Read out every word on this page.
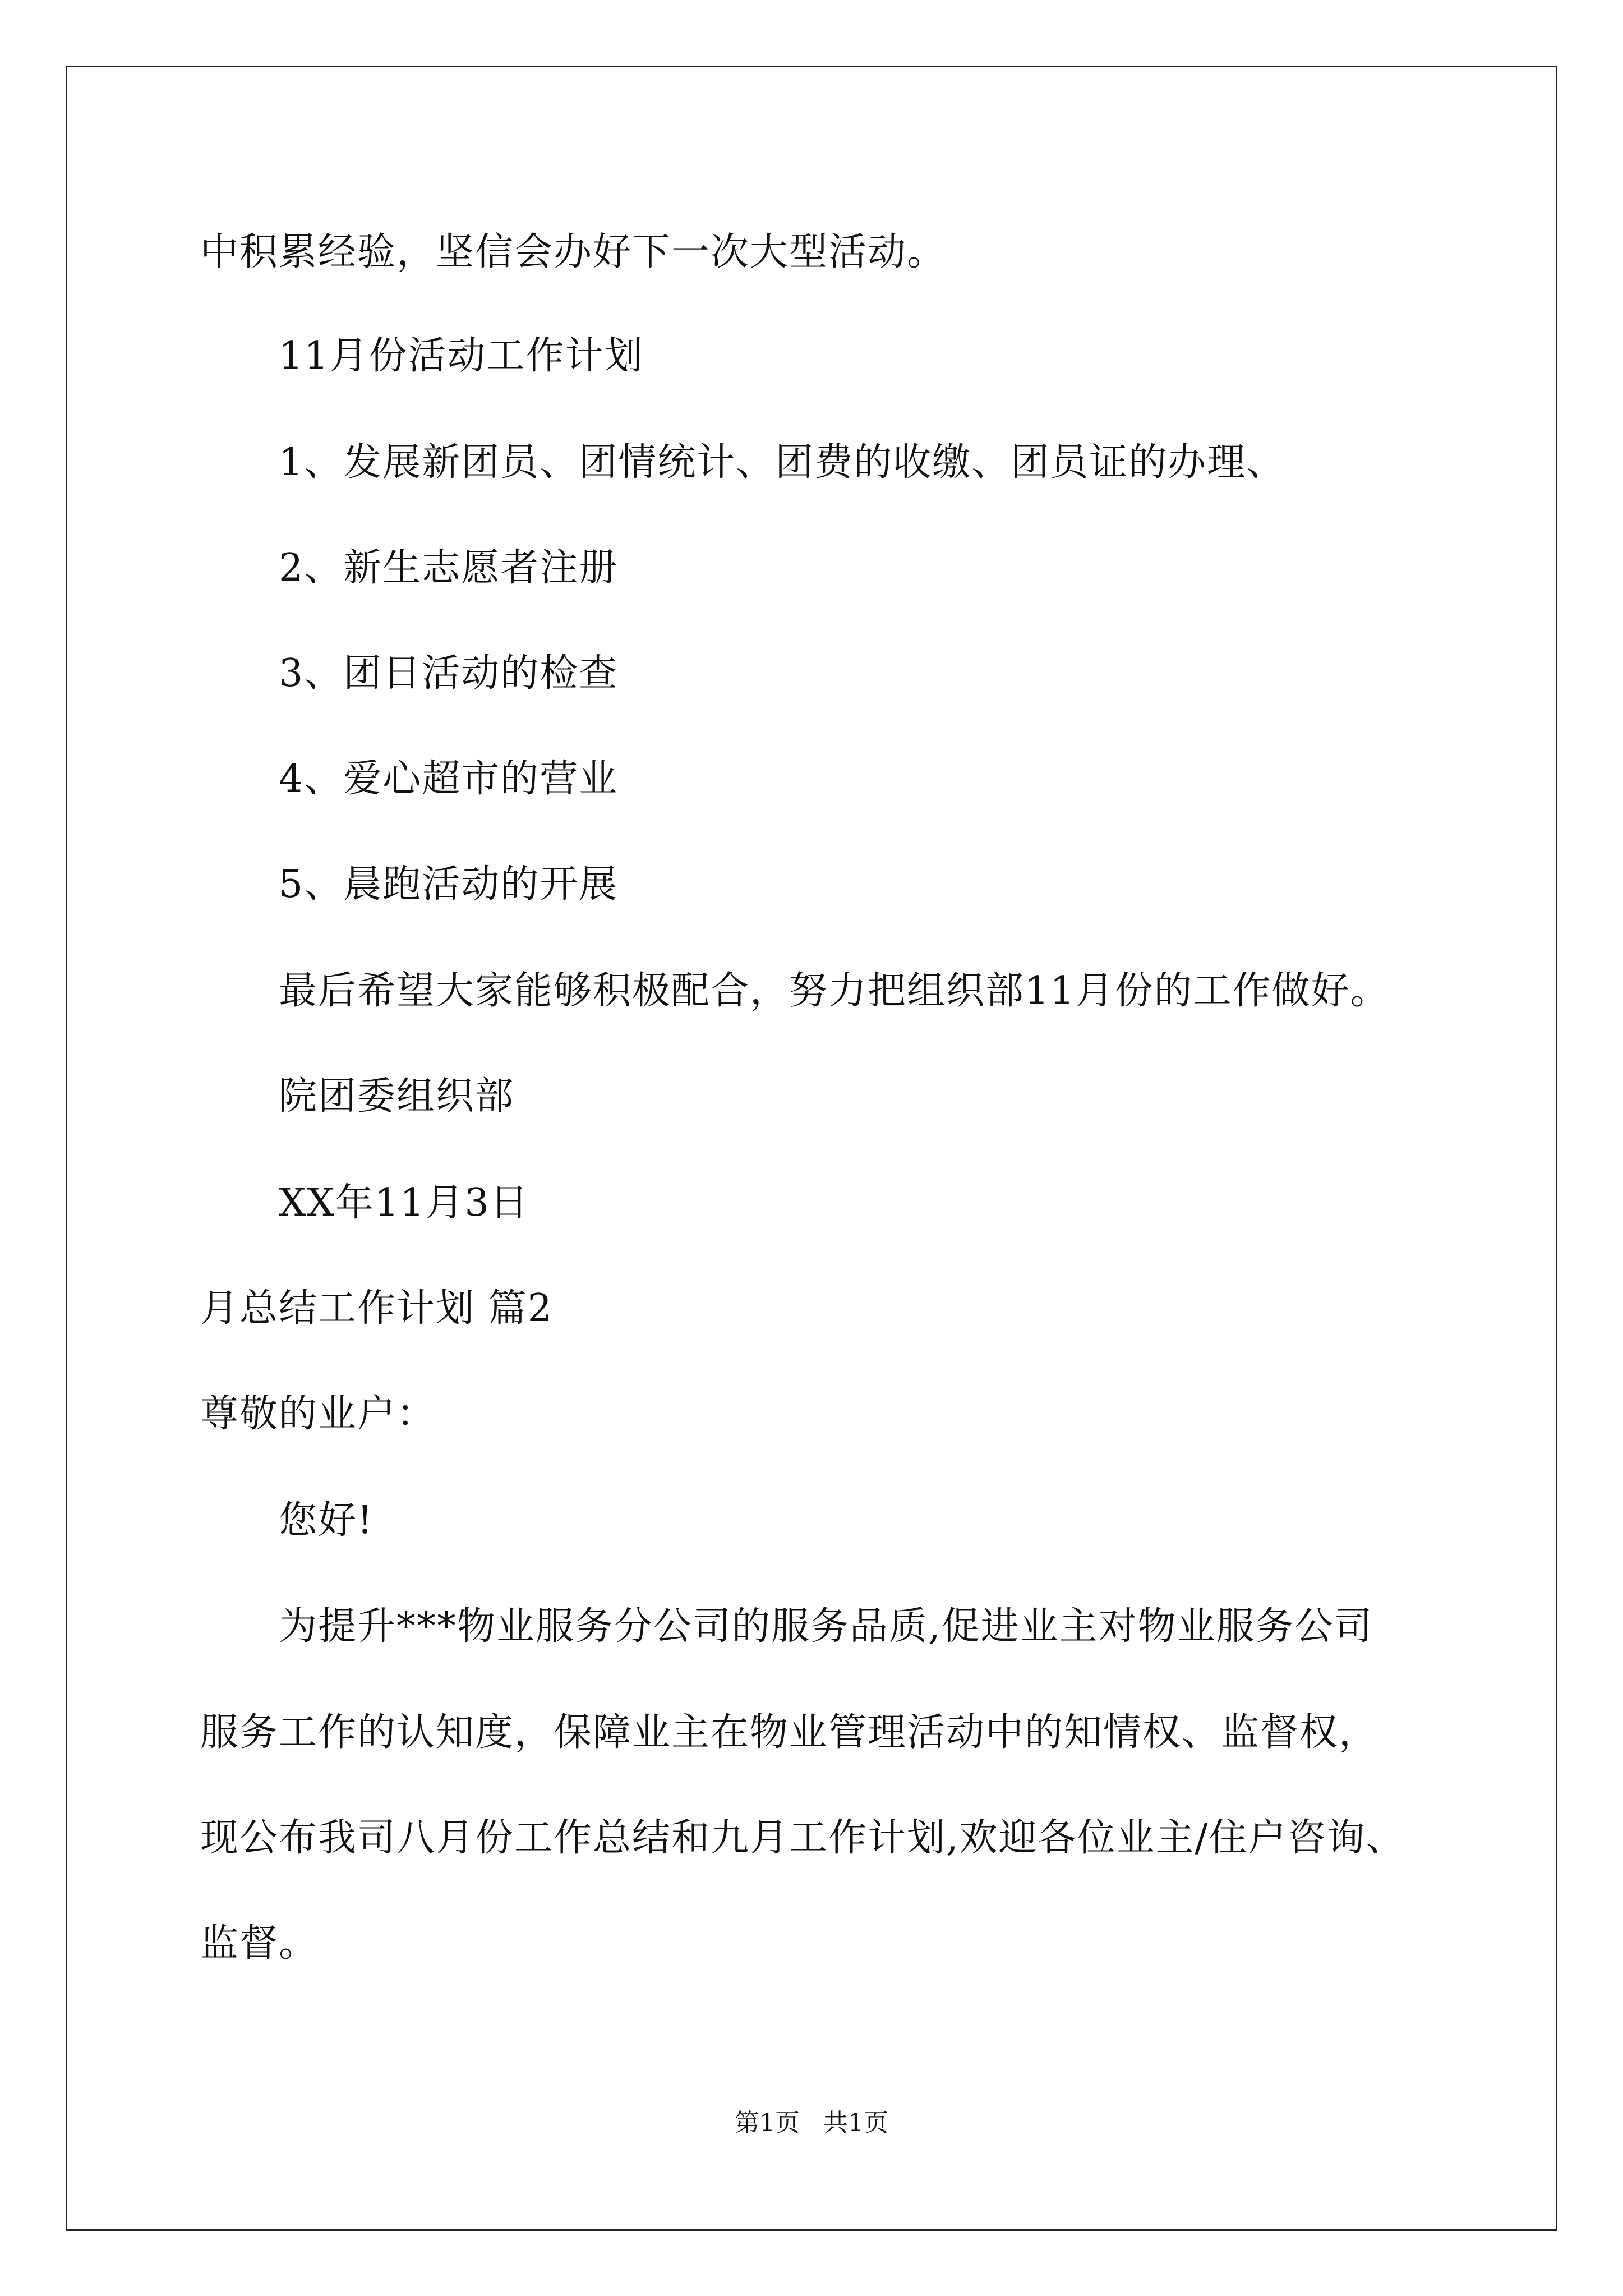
中积累经验，坚信会办好下一次大型活动。
11月份活动工作计划
1、发展新团员、团情统计、团费的收缴、团员证的办理、
2、新生志愿者注册
3、团日活动的检查
4、爱心超市的营业
5、晨跑活动的开展
最后希望大家能够积极配合，努力把组织部11月份的工作做好。
院团委组织部
XX年11月3日
月总结工作计划 篇2
尊敬的业户：
您好!
为提升***物业服务分公司的服务品质,促进业主对物业服务公司
服务工作的认知度，保障业主在物业管理活动中的知情权、监督权，
现公布我司八月份工作总结和九月工作计划,欢迎各位业主/住户咨询、
监督。
第1页   共1页
